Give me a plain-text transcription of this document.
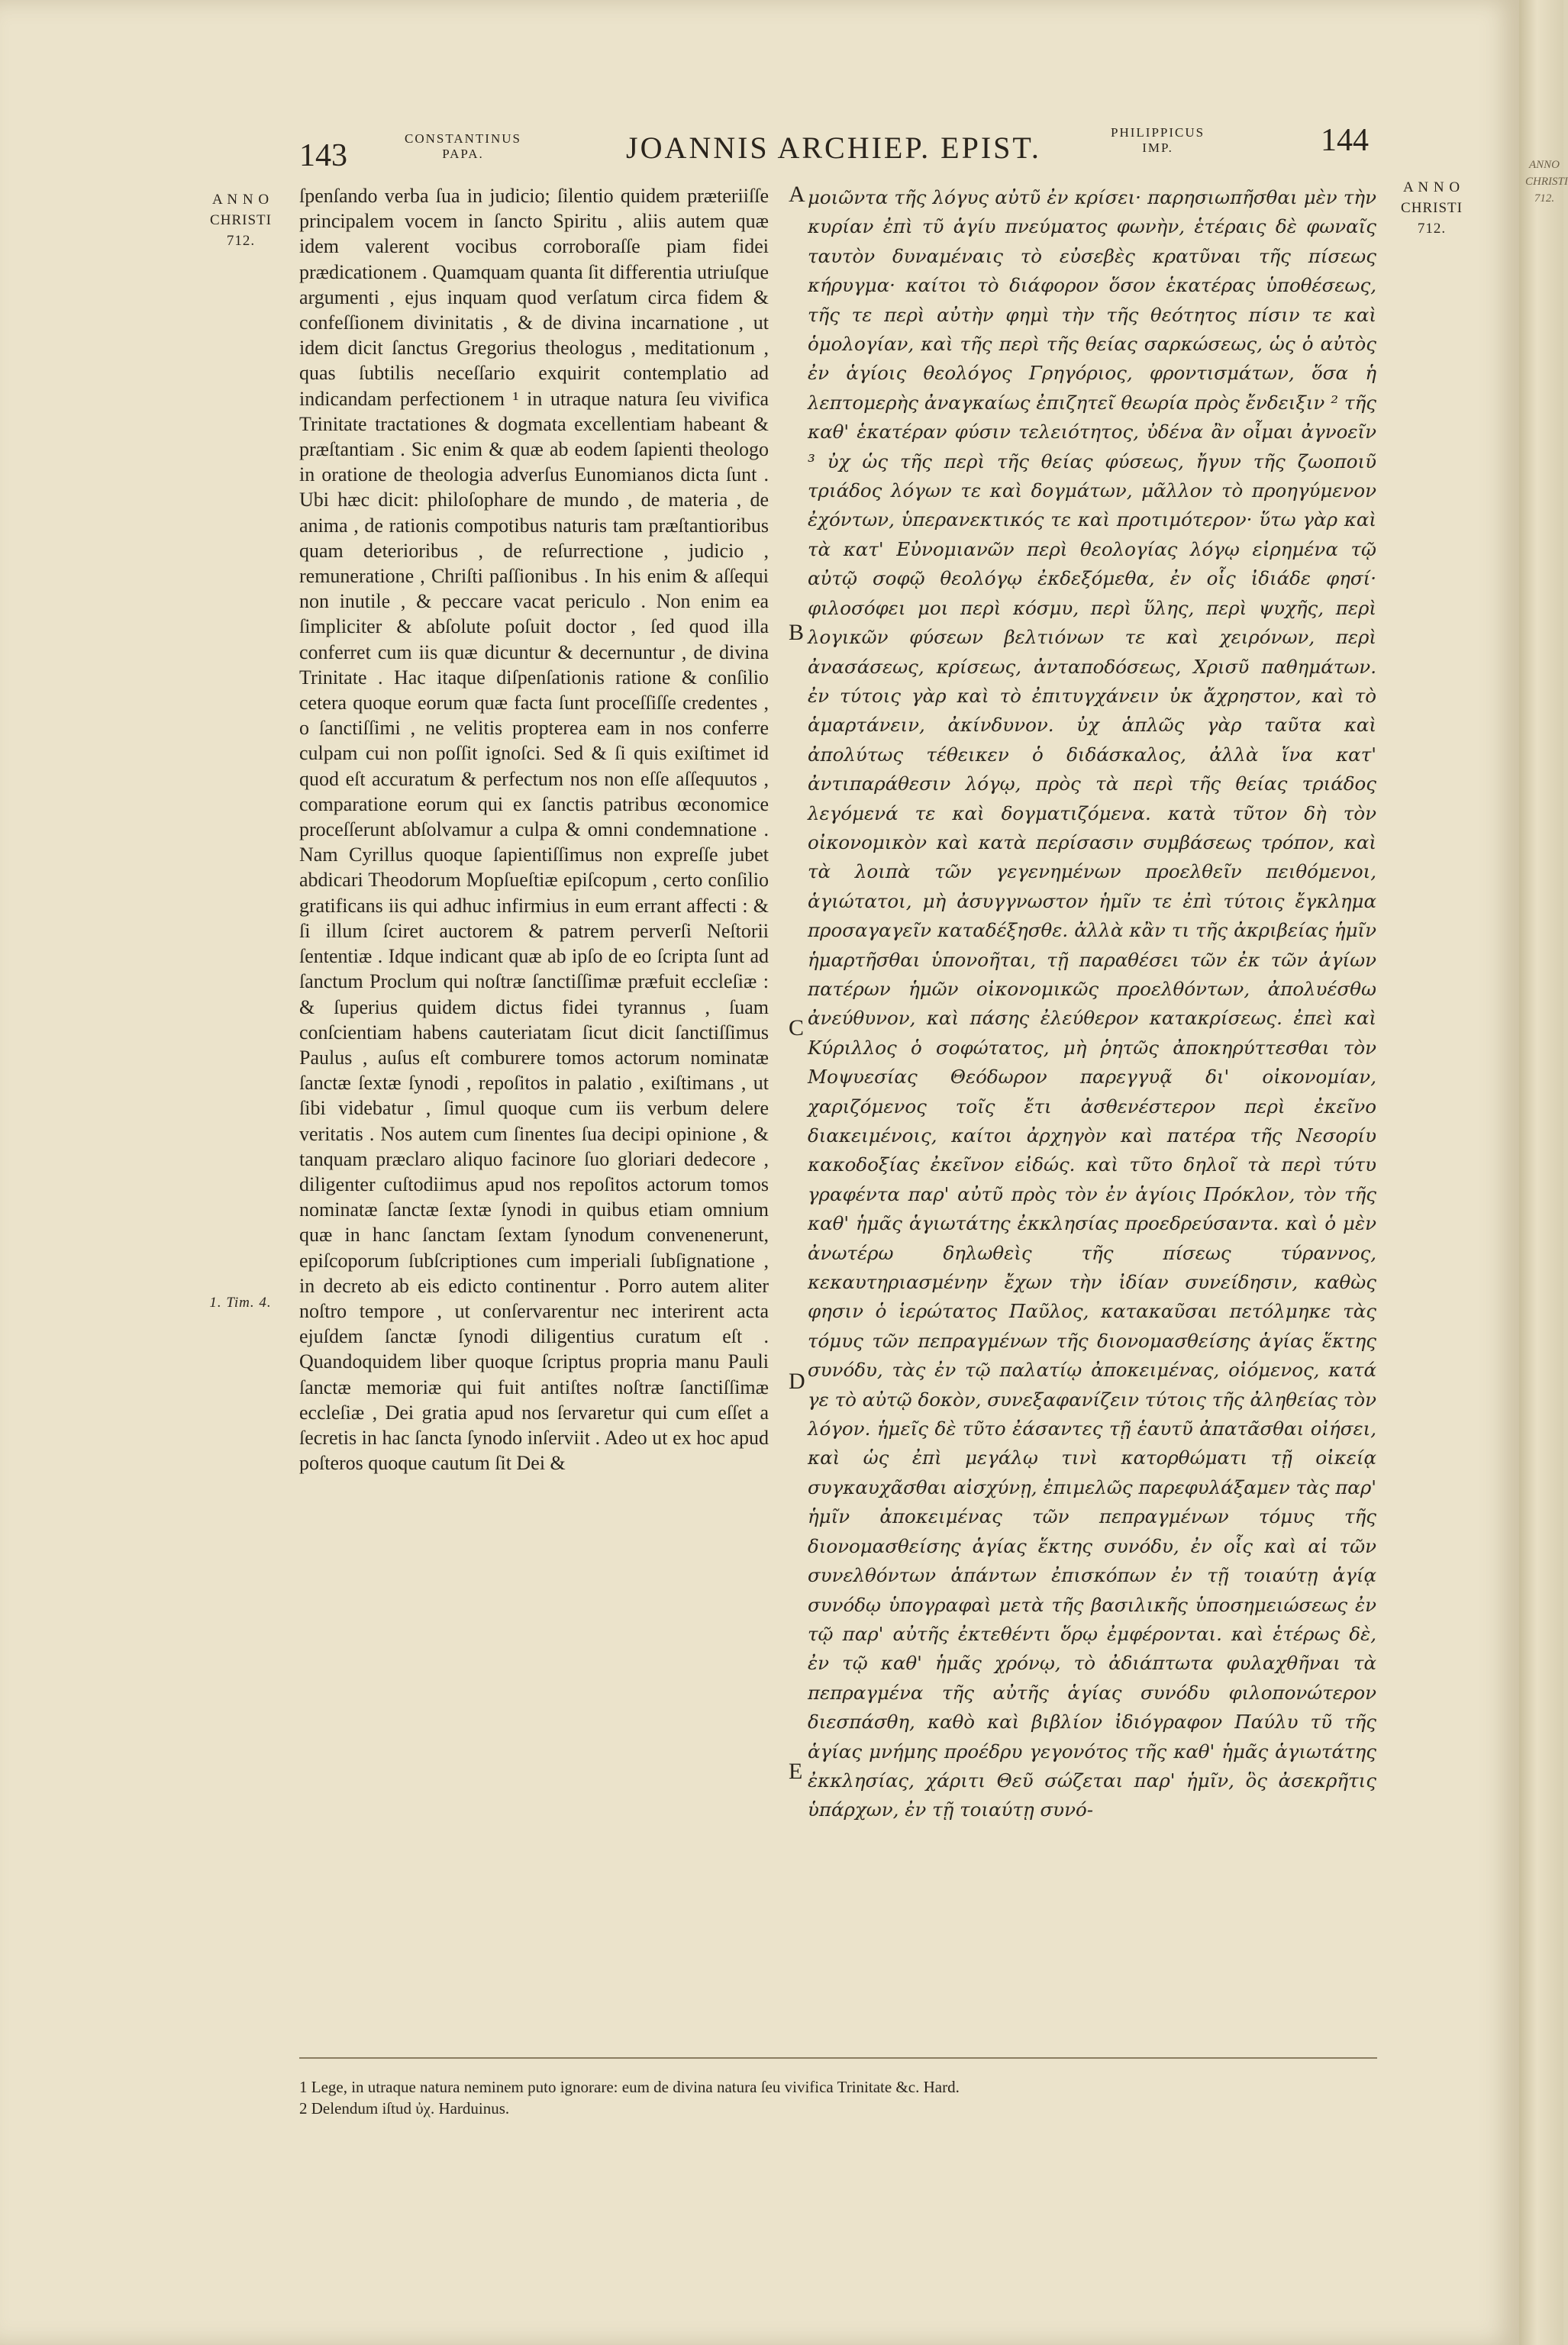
ANNO
CHRISTI
712.
143	CONSTANTINUS
PAPA.	JOANNIS ARCHIEP. EPIST.	PHILIPPICUS
IMP.	144
A N N O
CHRISTI
712.
A N N O
CHRISTI
712.
1. Tim. 4.
ſpenſando verba ſua in judicio; ſilentio quidem præteriiſſe principalem vocem in ſancto Spiritu , aliis autem quæ idem valerent vocibus corroboraſſe piam fidei prædicationem . Quamquam quanta ſit differentia utriuſque argumenti , ejus inquam quod verſatum circa fidem & confeſſionem divinitatis , & de divina incarnatione , ut idem dicit ſanctus Gregorius theologus , meditationum , quas ſubtilis neceſſario exquirit contemplatio ad indicandam perfectionem ¹ in utraque natura ſeu vivifica Trinitate tractationes & dogmata excellentiam habeant & præſtantiam . Sic enim & quæ ab eodem ſapienti theologo in oratione de theologia adverſus Eunomianos dicta ſunt . Ubi hæc dicit: philoſophare de mundo , de materia , de anima , de rationis compotibus naturis tam præſtantioribus quam deterioribus , de reſurrectione , judicio , remuneratione , Chriſti paſſionibus . In his enim & aſſequi non inutile , & peccare vacat periculo . Non enim ea ſimpliciter & abſolute poſuit doctor , ſed quod illa conferret cum iis quæ dicuntur & decernuntur , de divina Trinitate . Hac itaque diſpenſationis ratione & conſilio cetera quoque eorum quæ facta ſunt proceſſiſſe credentes , o ſanctiſſimi , ne velitis propterea eam in nos conferre culpam cui non poſſit ignoſci. Sed & ſi quis exiſtimet id quod eſt accuratum & perfectum nos non eſſe aſſequutos , comparatione eorum qui ex ſanctis patribus œconomice proceſſerunt abſolvamur a culpa & omni condemnatione . Nam Cyrillus quoque ſapientiſſimus non expreſſe jubet abdicari Theodorum Mopſueſtiæ epiſcopum , certo conſilio gratificans iis qui adhuc infirmius in eum errant affecti : & ſi illum ſciret auctorem & patrem perverſi Neſtorii ſententiæ . Idque indicant quæ ab ipſo de eo ſcripta ſunt ad ſanctum Proclum qui noſtræ ſanctiſſimæ præfuit eccleſiæ : & ſuperius quidem dictus fidei tyrannus , ſuam conſcientiam habens cauteriatam ſicut dicit ſanctiſſimus Paulus , auſus eſt comburere tomos actorum nominatæ ſanctæ ſextæ ſynodi , repoſitos in palatio , exiſtimans , ut ſibi videbatur , ſimul quoque cum iis verbum delere veritatis . Nos autem cum ſinentes ſua decipi opinione , & tanquam præclaro aliquo facinore ſuo gloriari dedecore , diligenter cuſtodiimus apud nos repoſitos actorum tomos nominatæ ſanctæ ſextæ ſynodi in quibus etiam omnium quæ in hanc ſanctam ſextam ſynodum convenenerunt, epiſcoporum ſubſcriptiones cum imperiali ſubſignatione , in decreto ab eis edicto continentur . Porro autem aliter noſtro tempore , ut conſervarentur nec interirent acta ejuſdem ſanctæ ſynodi diligentius curatum eſt . Quandoquidem liber quoque ſcriptus propria manu Pauli ſanctæ memoriæ qui fuit antiſtes noſtræ ſanctiſſimæ eccleſiæ , Dei gratia apud nos ſervaretur qui cum eſſet a ſecretis in hac ſancta ſynodo inſerviit . Adeo ut ex hoc apud poſteros quoque cautum ſit Dei &
A
B
C
D
E
μοιῶντα τῆς λόγυς αὐτῦ ἐν κρίσει· παρησιωπῆσθαι μὲν τὴν κυρίαν ἐπὶ τῦ ἁγίυ πνεύματος φωνὴν, ἑτέραις δὲ φωναῖς ταυτὸν δυναμέναις τὸ εὐσεβὲς κρατῦναι τῆς πίσεως κήρυγμα· καίτοι τὸ διάφορον ὅσον ἑκατέρας ὑποθέσεως, τῆς τε περὶ αὐτὴν φημὶ τὴν τῆς θεότητος πίσιν τε καὶ ὁμολογίαν, καὶ τῆς περὶ τῆς θείας σαρκώσεως, ὡς ὁ αὐτὸς ἐν ἁγίοις θεολόγος Γρηγόριος, φροντισμάτων, ὅσα ἡ λεπτομερὴς ἀναγκαίως ἐπιζητεῖ θεωρία πρὸς ἔνδειξιν ² τῆς καθ' ἑκατέραν φύσιν τελειότητος, ὐδένα ἂν οἶμαι ἀγνοεῖν ³ ὐχ ὡς τῆς περὶ τῆς θείας φύσεως, ἤγυν τῆς ζωοποιῦ τριάδος λόγων τε καὶ δογμάτων, μᾶλλον τὸ προηγύμενον ἐχόντων, ὑπερανεκτικός τε καὶ προτιμότερον· ὕτω γὰρ καὶ τὰ κατ' Εὐνομιανῶν περὶ θεολογίας λόγῳ εἰρημένα τῷ αὐτῷ σοφῷ θεολόγῳ ἐκδεξόμεθα, ἐν οἷς ἰδιάδε φησί· φιλοσόφει μοι περὶ κόσμυ, περὶ ὕλης, περὶ ψυχῆς, περὶ λογικῶν φύσεων βελτιόνων τε καὶ χειρόνων, περὶ ἀνασάσεως, κρίσεως, ἀνταποδόσεως, Χρισῦ παθημάτων. ἐν τύτοις γὰρ καὶ τὸ ἐπιτυγχάνειν ὐκ ἄχρηστον, καὶ τὸ ἁμαρτάνειν, ἀκίνδυνον. ὐχ ἁπλῶς γὰρ ταῦτα καὶ ἀπολύτως τέθεικεν ὁ διδάσκαλος, ἀλλὰ ἵνα κατ' ἀντιπαράθεσιν λόγῳ, πρὸς τὰ περὶ τῆς θείας τριάδος λεγόμενά τε καὶ δογματιζόμενα. κατὰ τῦτον δὴ τὸν οἰκονομικὸν καὶ κατὰ περίσασιν συμβάσεως τρόπον, καὶ τὰ λοιπὰ τῶν γεγενημένων προελθεῖν πειθόμενοι, ἁγιώτατοι, μὴ ἀσυγγνωστον ἡμῖν τε ἐπὶ τύτοις ἔγκλημα προσαγαγεῖν καταδέξησθε. ἀλλὰ κἂν τι τῆς ἀκριβείας ἡμῖν ἡμαρτῆσθαι ὑπονοῆται, τῇ παραθέσει τῶν ἐκ τῶν ἁγίων πατέρων ἡμῶν οἰκονομικῶς προελθόντων, ἀπολυέσθω ἀνεύθυνον, καὶ πάσης ἐλεύθερον κατακρίσεως. ἐπεὶ καὶ Κύριλλος ὁ σοφώτατος, μὴ ῥητῶς ἀποκηρύττεσθαι τὸν Μοψυεσίας Θεόδωρον παρεγγυᾷ δι' οἰκονομίαν, χαριζόμενος τοῖς ἔτι ἀσθενέστερον περὶ ἐκεῖνο διακειμένοις, καίτοι ἀρχηγὸν καὶ πατέρα τῆς Νεσορίυ κακοδοξίας ἐκεῖνον εἰδώς. καὶ τῦτο δηλοῖ τὰ περὶ τύτυ γραφέντα παρ' αὐτῦ πρὸς τὸν ἐν ἁγίοις Πρόκλον, τὸν τῆς καθ' ἡμᾶς ἁγιωτάτης ἐκκλησίας προεδρεύσαντα. καὶ ὁ μὲν ἀνωτέρω δηλωθεὶς τῆς πίσεως τύραννος, κεκαυτηριασμένην ἔχων τὴν ἰδίαν συνείδησιν, καθὼς φησιν ὁ ἱερώτατος Παῦλος, κατακαῦσαι πετόλμηκε τὰς τόμυς τῶν πεπραγμένων τῆς διονομασθείσης ἁγίας ἕκτης συνόδυ, τὰς ἐν τῷ παλατίῳ ἀποκειμένας, οἰόμενος, κατά γε τὸ αὐτῷ δοκὸν, συνεξαφανίζειν τύτοις τῆς ἀληθείας τὸν λόγον. ἡμεῖς δὲ τῦτο ἐάσαντες τῇ ἑαυτῦ ἀπατᾶσθαι οἰήσει, καὶ ὡς ἐπὶ μεγάλῳ τινὶ κατορθώματι τῇ οἰκείᾳ συγκαυχᾶσθαι αἰσχύνῃ, ἐπιμελῶς παρεφυλάξαμεν τὰς παρ' ἡμῖν ἀποκειμένας τῶν πεπραγμένων τόμυς τῆς διονομασθείσης ἁγίας ἕκτης συνόδυ, ἐν οἷς καὶ αἱ τῶν συνελθόντων ἁπάντων ἐπισκόπων ἐν τῇ τοιαύτῃ ἁγίᾳ συνόδῳ ὑπογραφαὶ μετὰ τῆς βασιλικῆς ὑποσημειώσεως ἐν τῷ παρ' αὐτῆς ἐκτεθέντι ὅρῳ ἐμφέρονται. καὶ ἑτέρως δὲ, ἐν τῷ καθ' ἡμᾶς χρόνῳ, τὸ ἀδιάπτωτα φυλαχθῆναι τὰ πεπραγμένα τῆς αὐτῆς ἁγίας συνόδυ φιλοπονώτερον διεσπάσθη, καθὸ καὶ βιβλίον ἰδιόγραφον Παύλυ τῦ τῆς ἁγίας μνήμης προέδρυ γεγονότος τῆς καθ' ἡμᾶς ἁγιωτάτης ἐκκλησίας, χάριτι Θεῦ σώζεται παρ' ἡμῖν, ὃς ἀσεκρῆτις ὑπάρχων, ἐν τῇ τοιαύτῃ συνό-

1 Lege, in utraque natura neminem puto ignorare: eum de divina natura ſeu vivifica Trinitate &c. Hard.

2 Delendum iſtud ὐχ. Harduinus.
